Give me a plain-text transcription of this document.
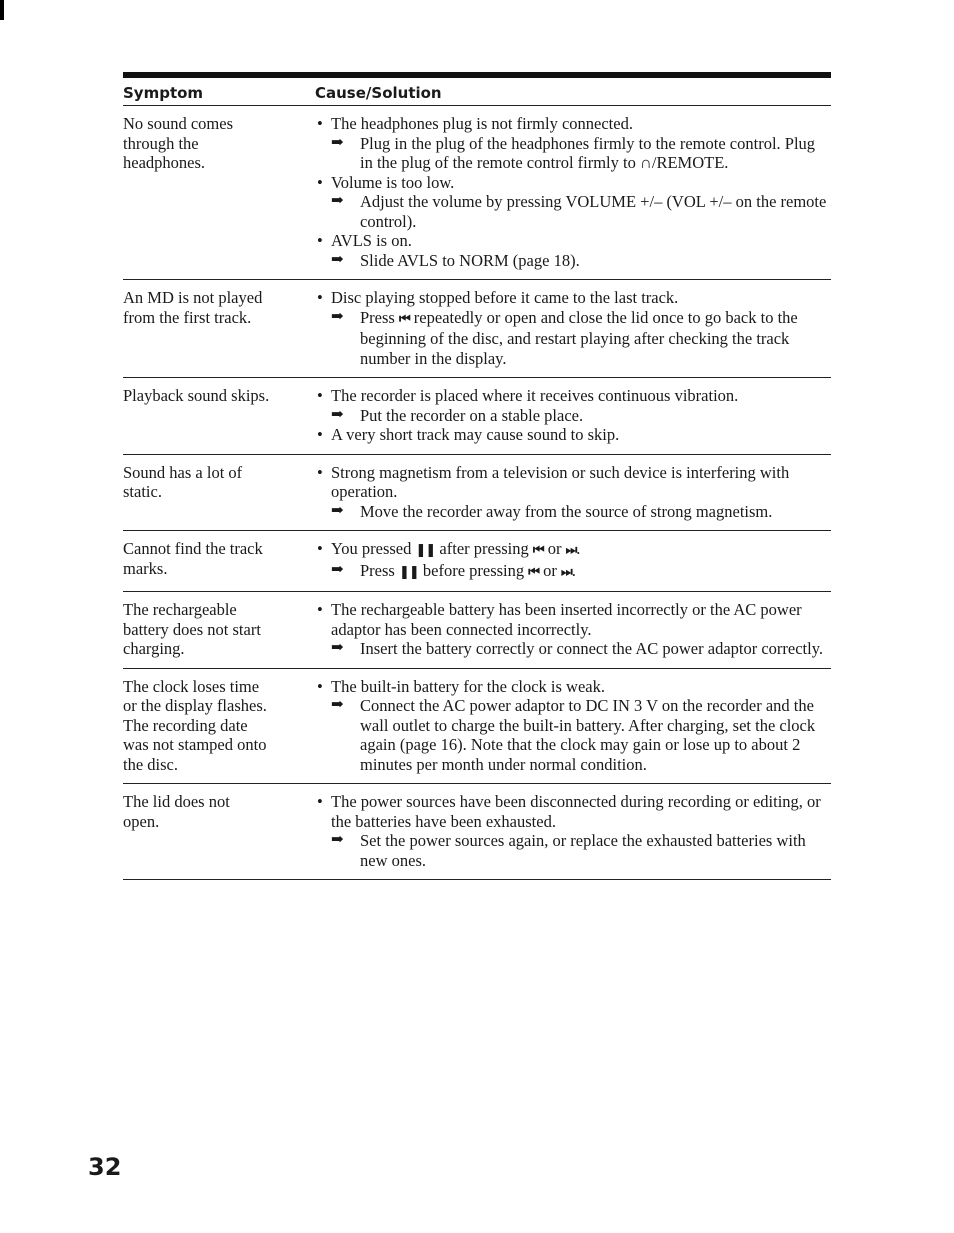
Symptom	Cause/Solution
No sound comes
through the
headphones.
• The headphones plug is not firmly connected.
➡ Plug in the plug of the headphones firmly to the remote control. Plug in the plug of the remote control firmly to ∩/REMOTE.
• Volume is too low.
➡ Adjust the volume by pressing VOLUME +/– (VOL +/– on the remote control).
• AVLS is on.
➡ Slide AVLS to NORM (page 18).
An MD is not played
from the first track.
• Disc playing stopped before it came to the last track.
➡ Press ⏮ repeatedly or open and close the lid once to go back to the beginning of the disc, and restart playing after checking the track number in the display.
Playback sound skips.	• The recorder is placed where it receives continuous vibration.
➡ Put the recorder on a stable place.
• A very short track may cause sound to skip.
Sound has a lot of
static.
• Strong magnetism from a television or such device is interfering with operation.
➡ Move the recorder away from the source of strong magnetism.
Cannot find the track
marks.
• You pressed ❚❚ after pressing ⏮ or ⏭.
➡ Press ❚❚ before pressing ⏮ or ⏭.
The rechargeable
battery does not start
charging.
• The rechargeable battery has been inserted incorrectly or the AC power adaptor has been connected incorrectly.
➡ Insert the battery correctly or connect the AC power adaptor correctly.
The clock loses time
or the display flashes.
The recording date
was not stamped onto
the disc.
• The built-in battery for the clock is weak.
➡ Connect the AC power adaptor to DC IN 3 V on the recorder and the wall outlet to charge the built-in battery. After charging, set the clock again (page 16). Note that the clock may gain or lose up to about 2 minutes per month under normal condition.
The lid does not
open.
• The power sources have been disconnected during recording or editing, or the batteries have been exhausted.
➡ Set the power sources again, or replace the exhausted batteries with new ones.
32
